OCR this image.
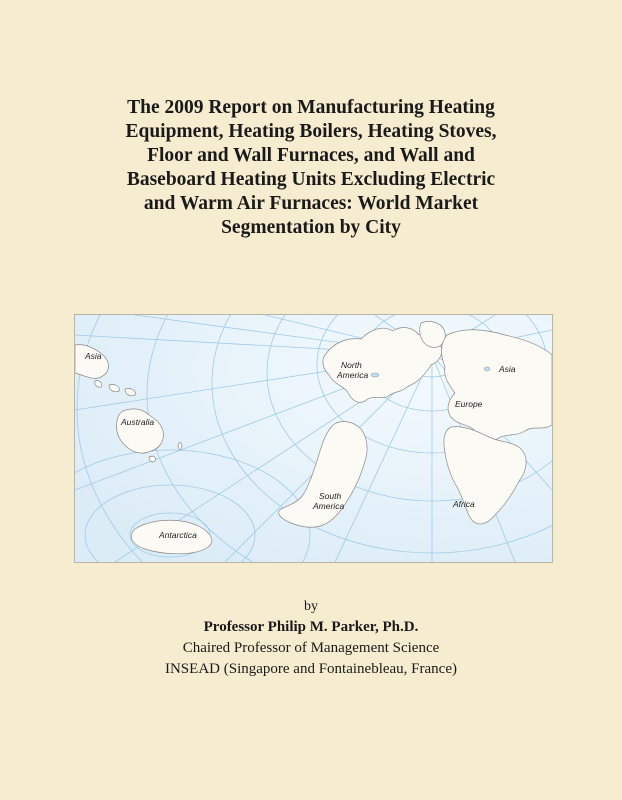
The 2009 Report on Manufacturing Heating
Equipment, Heating Boilers, Heating Stoves,
Floor and Wall Furnaces, and Wall and
Baseboard Heating Units Excluding Electric
and Warm Air Furnaces: World Market
Segmentation by City
Asia
North
America
Asia
Australia
Europe
South
America	Africa
Antarctica
by
Professor Philip M. Parker, Ph.D.
Chaired Professor of Management Science
INSEAD (Singapore and Fontainebleau, France)
